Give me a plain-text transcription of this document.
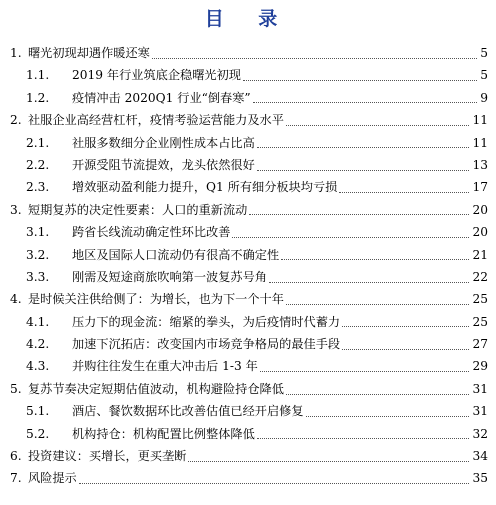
目 录
1. 曙光初现却遇作暖还寒	5
1.1. 2019 年行业筑底企稳曙光初现	5
1.2. 疫情冲击 2020Q1 行业“倒春寒”	9
2. 社服企业高经营杠杆，疫情考验运营能力及水平	11
2.1. 社服多数细分企业刚性成本占比高	11
2.2. 开源受阻节流提效，龙头依然很好	13
2.3. 增效驱动盈利能力提升，Q1 所有细分板块均亏损	17
3. 短期复苏的决定性要素：人口的重新流动	20
3.1. 跨省长线流动确定性环比改善	20
3.2. 地区及国际人口流动仍有很高不确定性	21
3.3. 刚需及短途商旅吹响第一波复苏号角	22
4. 是时候关注供给侧了：为增长，也为下一个十年	25
4.1. 压力下的现金流：缩紧的拳头，为后疫情时代蓄力	25
4.2. 加速下沉拓店：改变国内市场竞争格局的最佳手段	27
4.3. 并购往往发生在重大冲击后 1-3 年	29
5. 复苏节奏决定短期估值波动，机构避险持仓降低	31
5.1. 酒店、餐饮数据环比改善估值已经开启修复	31
5.2. 机构持仓：机构配置比例整体降低	32
6. 投资建议：买增长，更买垄断	34
7. 风险提示	35
